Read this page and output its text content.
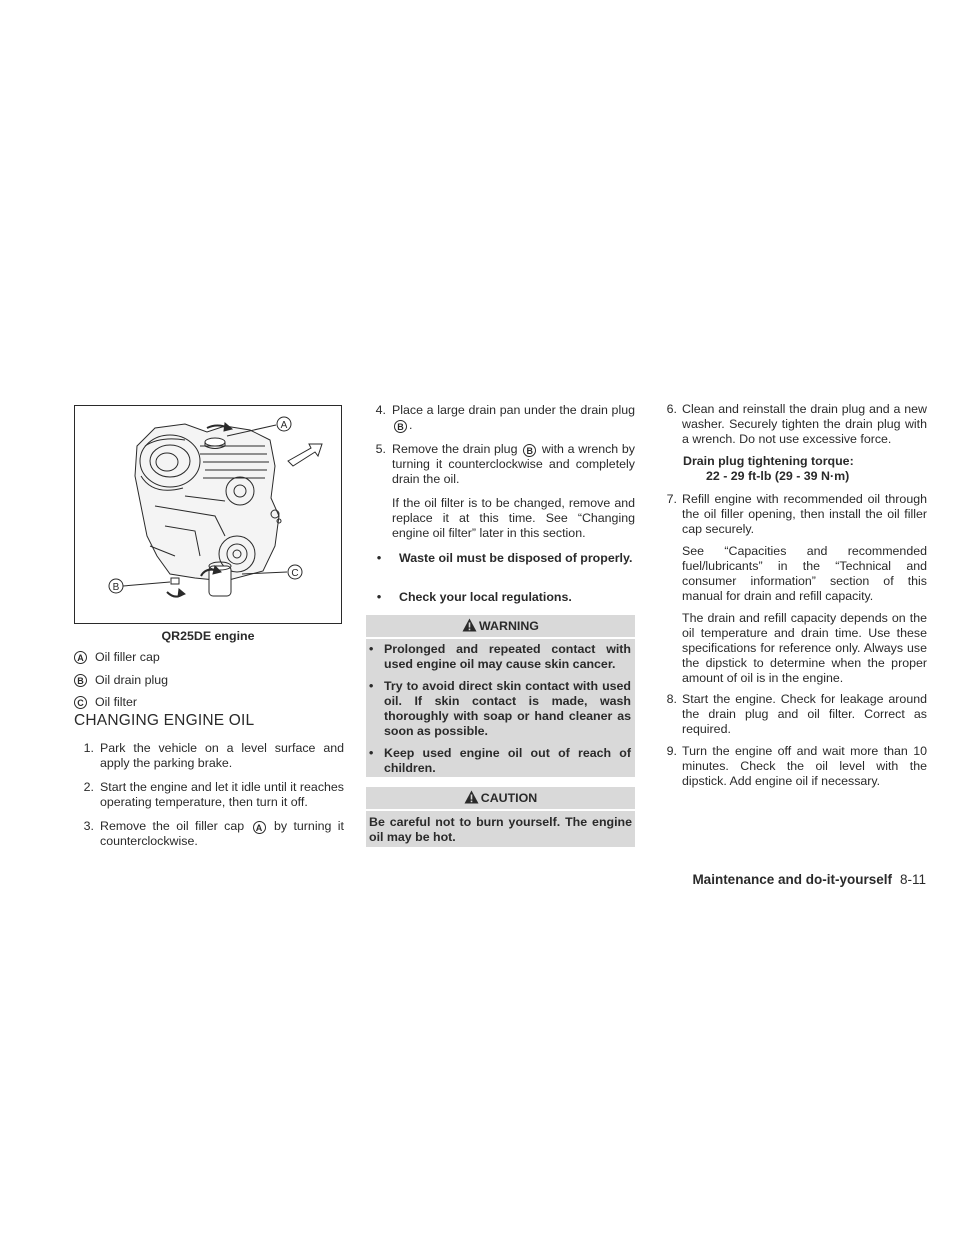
A
B
C
QR25DE engine
A Oil filler cap
B Oil drain plug
C Oil filter
CHANGING ENGINE OIL
1. Park the vehicle on a level surface and apply the parking brake.
2. Start the engine and let it idle until it reaches operating temperature, then turn it off.
3. Remove the oil filler cap A by turning it counterclockwise.
4. Place a large drain pan under the drain plug B .
5. Remove the drain plug B with a wrench by turning it counterclockwise and completely drain the oil.
If the oil filter is to be changed, remove and replace it at this time. See “Changing engine oil filter” later in this section.
•	Waste oil must be disposed of properly.
•	Check your local regulations.
WARNING
• Prolonged and repeated contact with used engine oil may cause skin cancer.
• Try to avoid direct skin contact with used oil. If skin contact is made, wash thoroughly with soap or hand cleaner as soon as possible.
• Keep used engine oil out of reach of children.
CAUTION
Be careful not to burn yourself. The engine oil may be hot.
6. Clean and reinstall the drain plug and a new washer. Securely tighten the drain plug with a wrench. Do not use excessive force.
Drain plug tightening torque:
22 - 29 ft-lb (29 - 39 N·m)
7. Refill engine with recommended oil through the oil filler opening, then install the oil filler cap securely.
See “Capacities and recommended fuel/lubricants” in the “Technical and consumer information” section of this manual for drain and refill capacity.
The drain and refill capacity depends on the oil temperature and drain time. Use these specifications for reference only. Always use the dipstick to determine when the proper amount of oil is in the engine.
8. Start the engine. Check for leakage around the drain plug and oil filter. Correct as required.
9. Turn the engine off and wait more than 10 minutes. Check the oil level with the dipstick. Add engine oil if necessary.
Maintenance and do-it-yourself 8-11
